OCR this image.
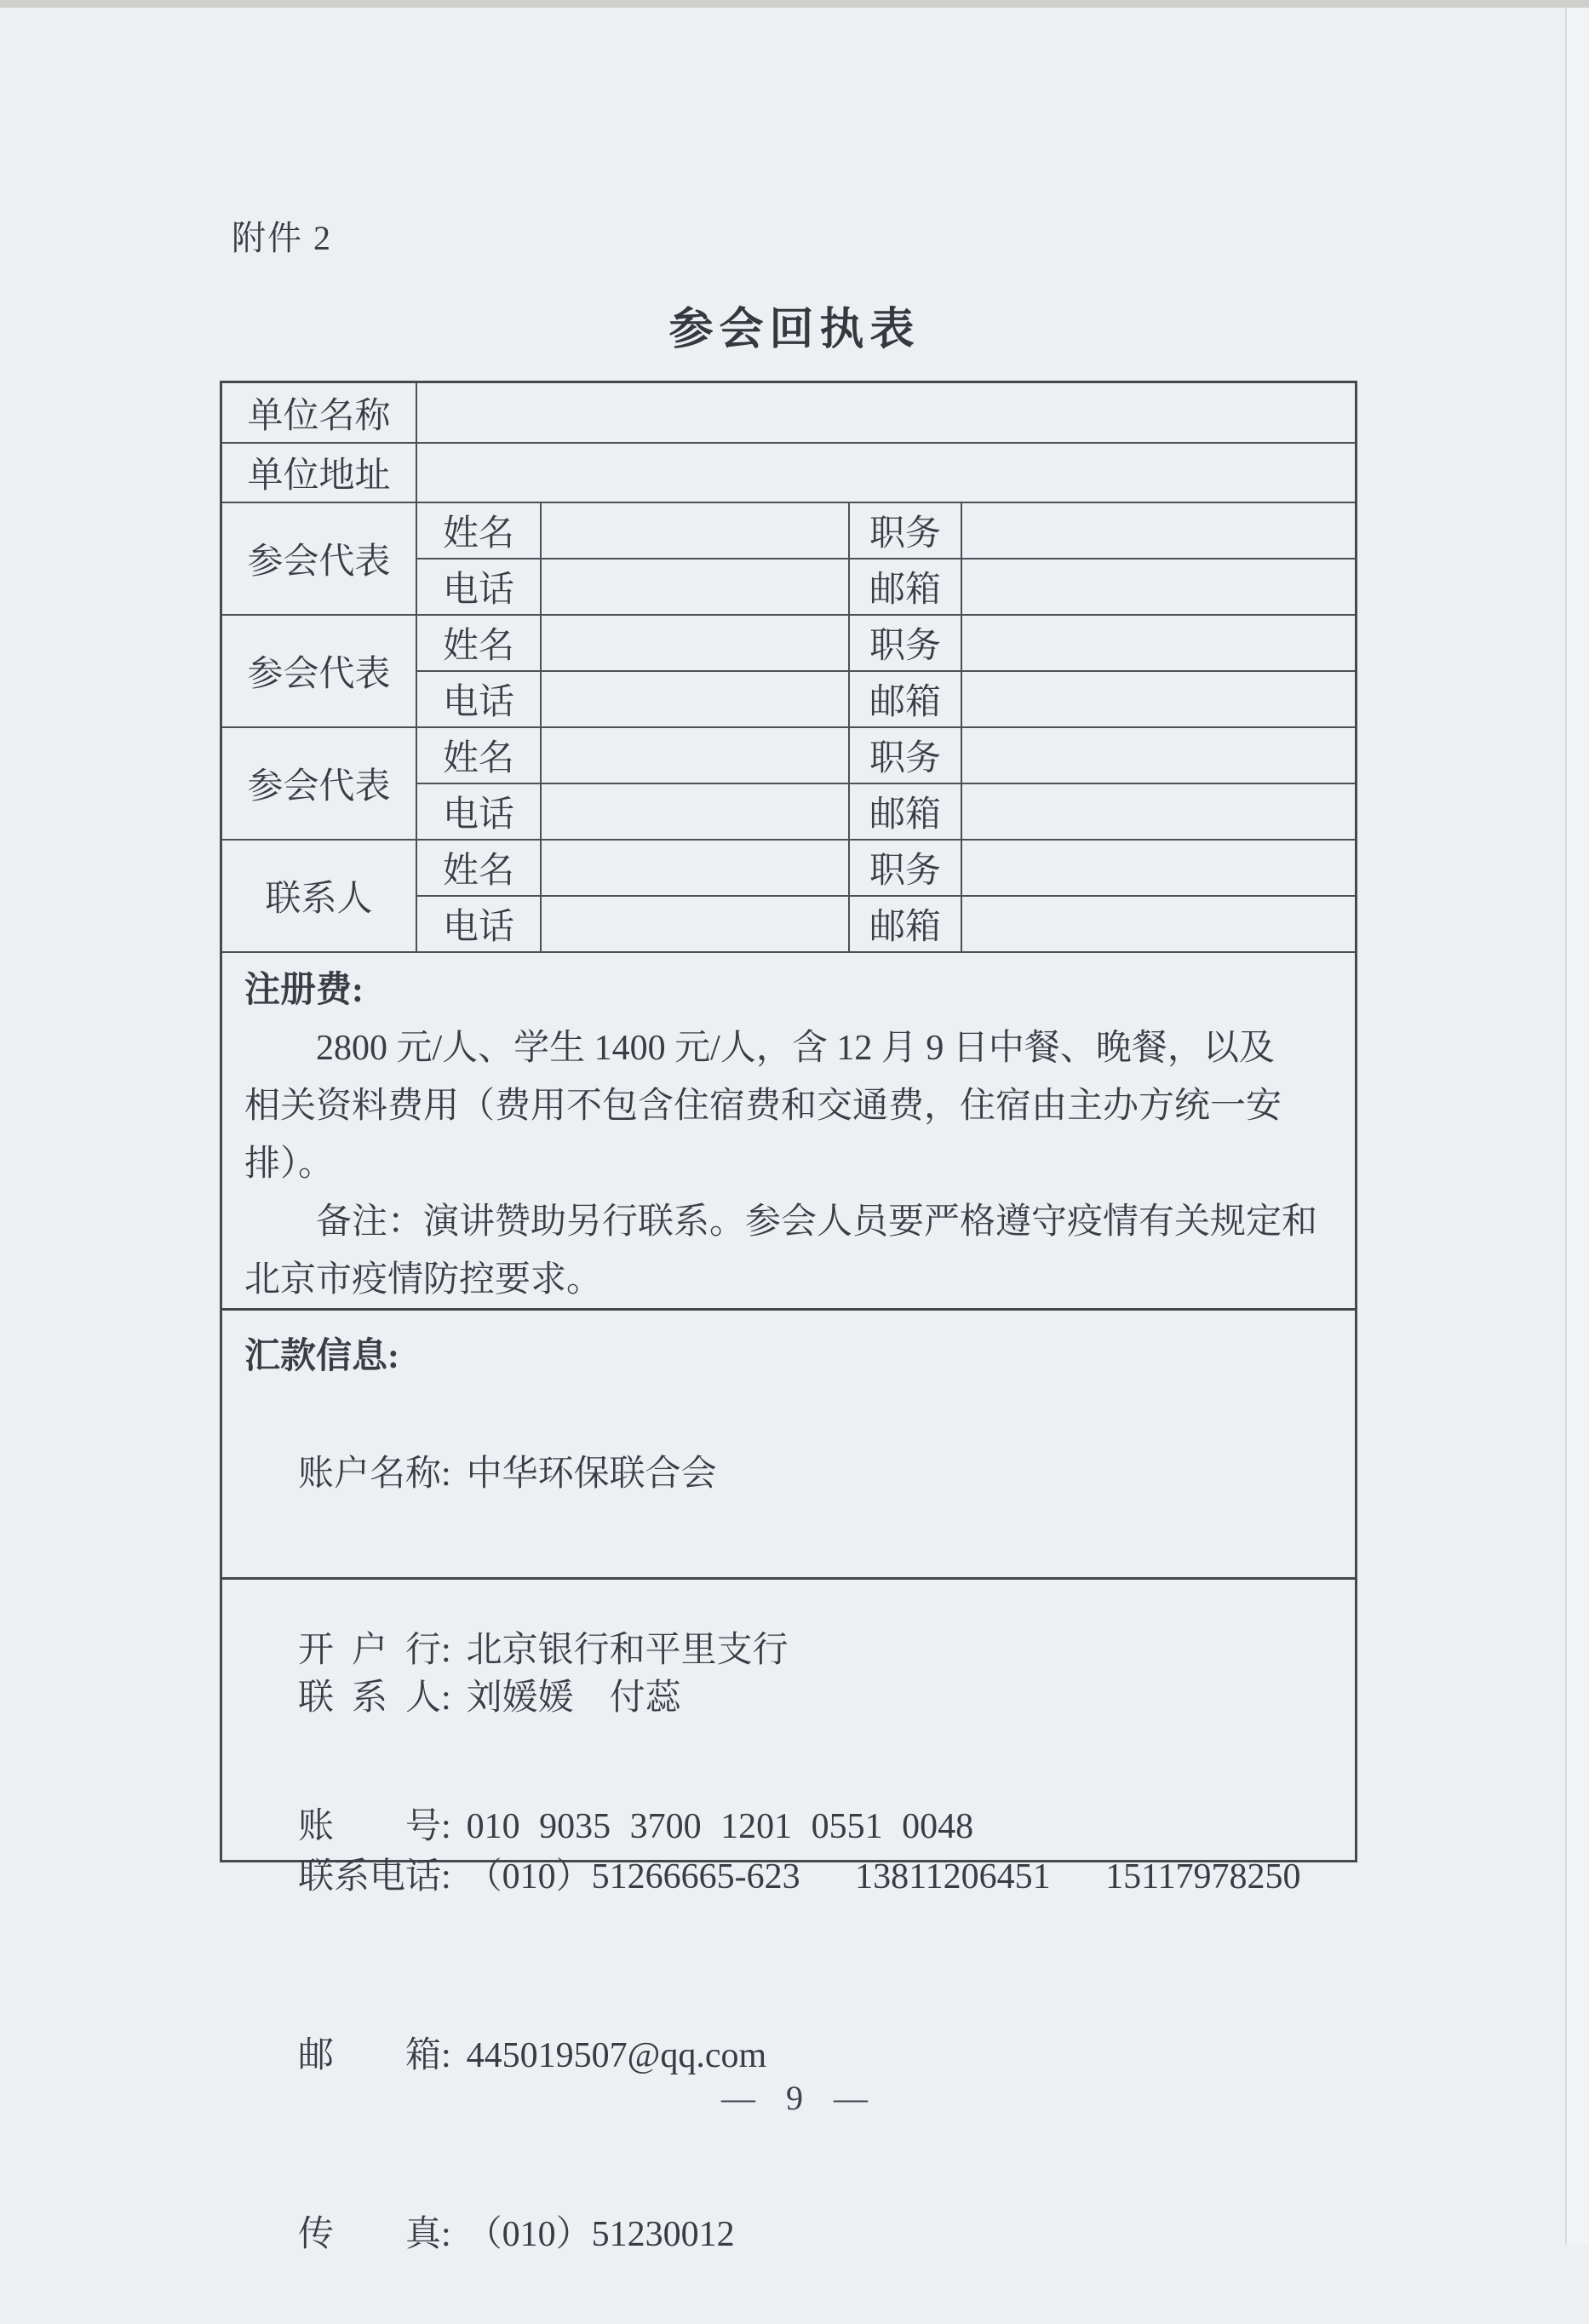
附件 2
参会回执表
单位名称				
单位地址				
参会代表	姓名		职务	
	电话		邮箱	
参会代表	姓名		职务	
	电话		邮箱	
参会代表	姓名		职务	
	电话		邮箱	
联系人	姓名		职务	
	电话		邮箱	
注册费:
2800 元/人、学生 1400 元/人，含 12 月 9 日中餐、晚餐，以及
相关资料费用（费用不包含住宿费和交通费，住宿由主办方统一安
排）。
备注：演讲赞助另行联系。参会人员要严格遵守疫情有关规定和
北京市疫情防控要求。
汇款信息:

账户名称: 中华环保联合会

开 户 行: 北京银行和平里支行

账  号: 010 9035 3700 1201 0551 0048

联 系 人: 刘媛媛 付蕊

联系电话: （010）51266665-623  13811206451  15117978250

邮  箱: 445019507@qq.com

传  真: （010）51230012

— 9 —
